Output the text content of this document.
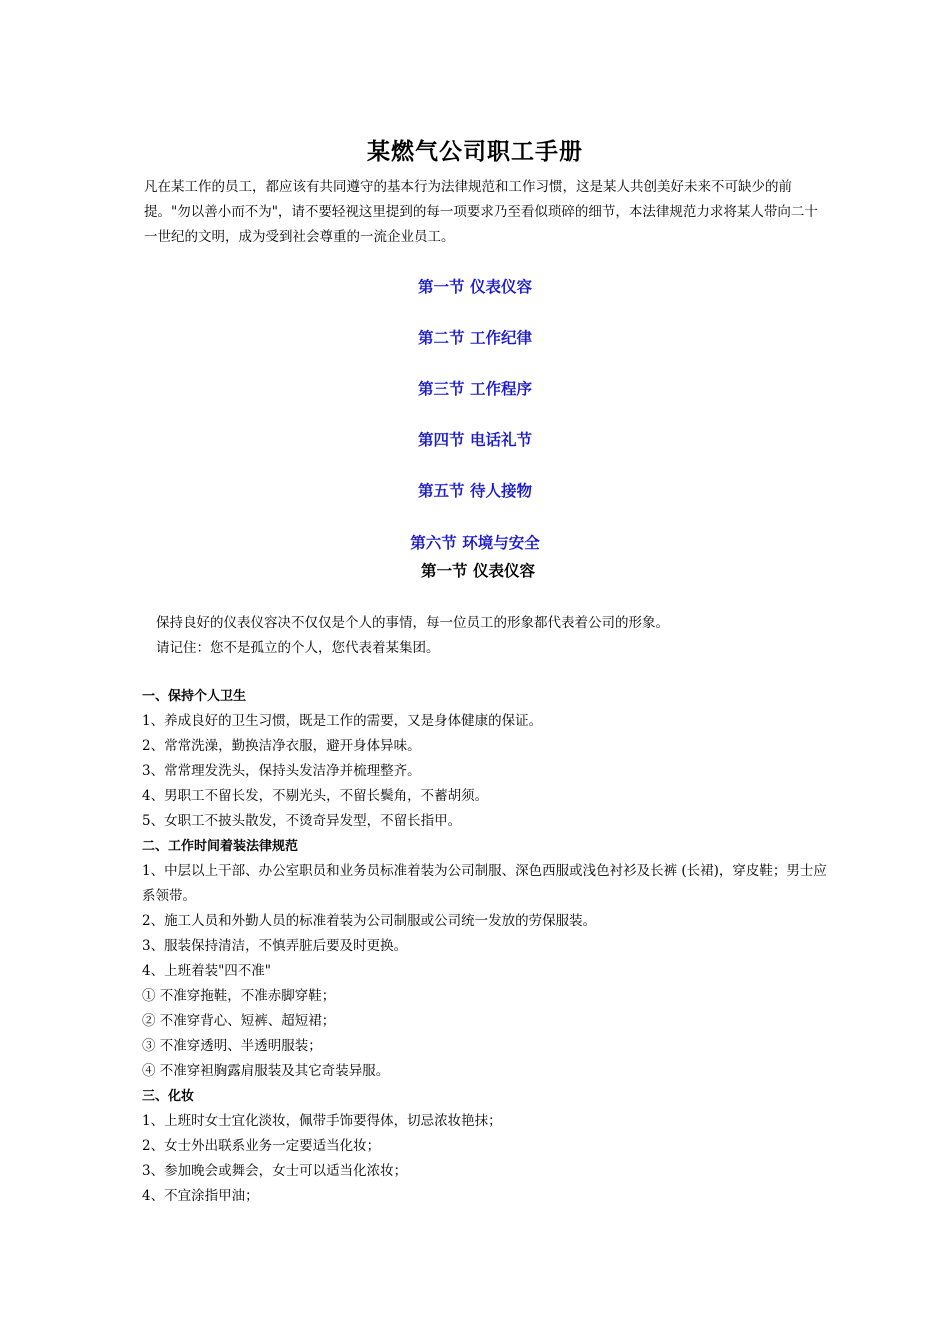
某燃气公司职工手册
凡在某工作的员工，都应该有共同遵守的基本行为法律规范和工作习惯，这是某人共创美好未来不可缺少的前提。"勿以善小而不为"，请不要轻视这里提到的每一项要求乃至看似琐碎的细节，本法律规范力求将某人带向二十一世纪的文明，成为受到社会尊重的一流企业员工。
第一节 仪表仪容
第二节 工作纪律
第三节 工作程序
第四节 电话礼节
第五节 待人接物
第六节 环境与安全
第一节 仪表仪容
保持良好的仪表仪容决不仅仅是个人的事情，每一位员工的形象都代表着公司的形象。
请记住：您不是孤立的个人，您代表着某集团。
一、保持个人卫生
1、养成良好的卫生习惯，既是工作的需要，又是身体健康的保证。
2、常常洗澡，勤换洁净衣服，避开身体异味。
3、常常理发洗头，保持头发洁净并梳理整齐。
4、男职工不留长发，不剔光头，不留长鬓角，不蓄胡须。
5、女职工不披头散发，不烫奇异发型，不留长指甲。
二、工作时间着装法律规范
1、中层以上干部、办公室职员和业务员标准着装为公司制服、深色西服或浅色衬衫及长裤 (长裙)，穿皮鞋；男士应系领带。
2、施工人员和外勤人员的标准着装为公司制服或公司统一发放的劳保服装。
3、服装保持清洁，不慎弄脏后要及时更换。
4、上班着装"四不准"
① 不准穿拖鞋，不准赤脚穿鞋；
② 不准穿背心、短裤、超短裙；
③ 不准穿透明、半透明服装；
④ 不准穿袒胸露肩服装及其它奇装异服。
三、化妆
1、上班时女士宜化淡妆，佩带手饰要得体，切忌浓妆艳抹；
2、女士外出联系业务一定要适当化妆；
3、参加晚会或舞会，女士可以适当化浓妆；
4、不宜涂指甲油；
